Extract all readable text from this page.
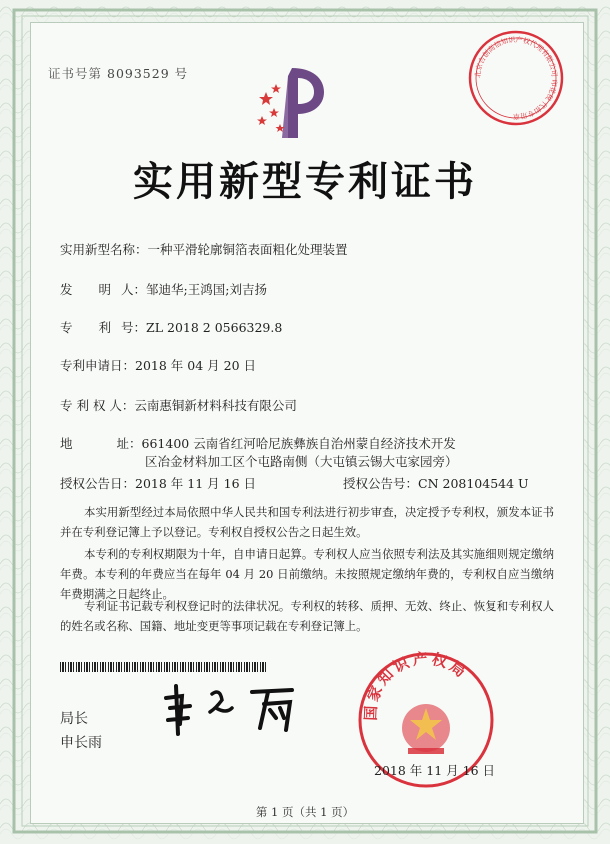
证书号第 8093529 号	北京合创高信知识产权代理有限公司 印花税 代扣专用章
实用新型专利证书
实用新型名称：一种平滑轮廓铜箔表面粗化处理装置
发 明 人：邹迪华;王鸿国;刘吉扬
专 利 号：ZL 2018 2 0566329.8
专利申请日：2018 年 04 月 20 日
专 利 权 人：云南惠铜新材料科技有限公司
地	址：661400 云南省红河哈尼族彝族自治州蒙自经济技术开发
区冶金材料加工区个屯路南侧（大屯镇云锡大屯家园旁）
授权公告日：2018 年 11 月 16 日	授权公告号：CN 208104544 U
本实用新型经过本局依照中华人民共和国专利法进行初步审查，决定授予专利权，颁发本证书并在专利登记簿上予以登记。专利权自授权公告之日起生效。
本专利的专利权期限为十年，自申请日起算。专利权人应当依照专利法及其实施细则规定缴纳年费。本专利的年费应当在每年 04 月 20 日前缴纳。未按照规定缴纳年费的，专利权自应当缴纳年费期满之日起终止。
专利证书记载专利权登记时的法律状况。专利权的转移、质押、无效、终止、恢复和专利权人的姓名或名称、国籍、地址变更等事项记载在专利登记簿上。
局长
申长雨
国家知识产权局
2018 年 11 月 16 日
第 1 页（共 1 页）
